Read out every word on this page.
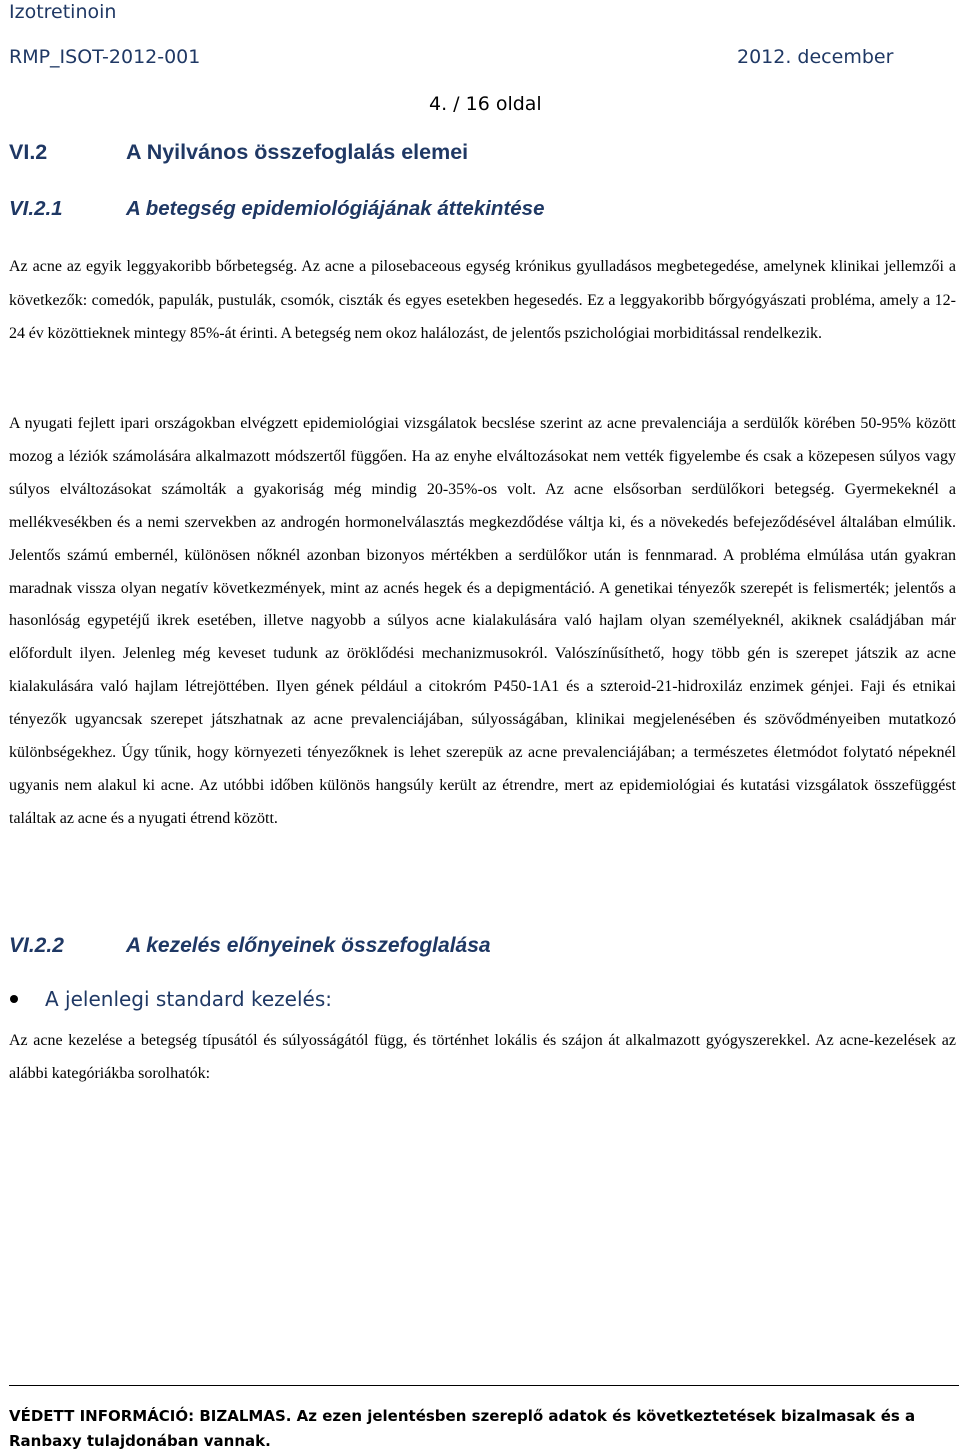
Izotretinoin
RMP_ISOT-2012-001	2012. december
4. / 16 oldal
VI.2	A Nyilvános összefoglalás elemei
VI.2.1	A betegség epidemiológiájának áttekintése

Az acne az egyik leggyakoribb bőrbetegség. Az acne a pilosebaceous egység krónikus gyulladásos megbetegedése, amelynek klinikai jellemzői a következők: comedók, papulák, pustulák, csomók, ciszták és egyes esetekben hegesedés. Ez a leggyakoribb bőrgyógyászati probléma, amely a 12-24 év közöttieknek mintegy 85%-át érinti. A betegség nem okoz halálozást, de jelentős pszichológiai morbiditással rendelkezik.

A nyugati fejlett ipari országokban elvégzett epidemiológiai vizsgálatok becslése szerint az acne prevalenciája a serdülők körében 50-95% között mozog a léziók számolására alkalmazott módszertől függően. Ha az enyhe elváltozásokat nem vették figyelembe és csak a közepesen súlyos vagy súlyos elváltozásokat számolták a gyakoriság még mindig 20-35%-os volt. Az acne elsősorban serdülőkori betegség. Gyermekeknél a mellékvesékben és a nemi szervekben az androgén hormonelválasztás megkezdődése váltja ki, és a növekedés befejeződésével általában elmúlik. Jelentős számú embernél, különösen nőknél azonban bizonyos mértékben a serdülőkor után is fennmarad. A probléma elmúlása után gyakran maradnak vissza olyan negatív következmények, mint az acnés hegek és a depigmentáció. A genetikai tényezők szerepét is felismerték; jelentős a hasonlóság egypetéjű ikrek esetében, illetve nagyobb a súlyos acne kialakulására való hajlam olyan személyeknél, akiknek családjában már előfordult ilyen. Jelenleg még keveset tudunk az öröklődési mechanizmusokról. Valószínűsíthető, hogy több gén is szerepet játszik az acne kialakulására való hajlam létrejöttében. Ilyen gének például a citokróm P450-1A1 és a szteroid-21-hidroxiláz enzimek génjei. Faji és etnikai tényezők ugyancsak szerepet játszhatnak az acne prevalenciájában, súlyosságában, klinikai megjelenésében és szövődményeiben mutatkozó különbségekhez. Úgy tűnik, hogy környezeti tényezőknek is lehet szerepük az acne prevalenciájában; a természetes életmódot folytató népeknél ugyanis nem alakul ki acne. Az utóbbi időben különös hangsúly került az étrendre, mert az epidemiológiai és kutatási vizsgálatok összefüggést találtak az acne és a nyugati étrend között.

VI.2.2	A kezelés előnyeinek összefoglalása
A jelenlegi standard kezelés:

Az acne kezelése a betegség típusától és súlyosságától függ, és történhet lokális és szájon át alkalmazott gyógyszerekkel. Az acne-kezelések az alábbi kategóriákba sorolhatók:

VÉDETT INFORMÁCIÓ: BIZALMAS. Az ezen jelentésben szereplő adatok és következtetések bizalmasak és a Ranbaxy tulajdonában vannak.
